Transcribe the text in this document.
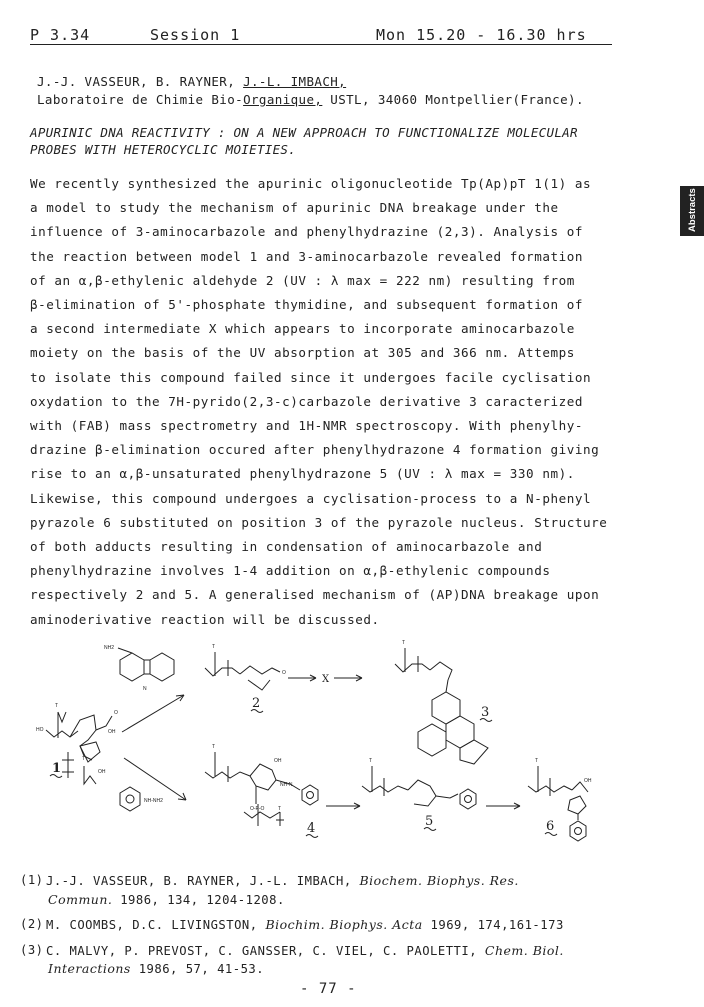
P 3.34	Session 1	Mon 15.20 - 16.30 hrs
Abstracts
J.-J. VASSEUR, B. RAYNER, J.-L. IMBACH,
Laboratoire de Chimie Bio-Organique, USTL, 34060 Montpellier(France).
APURINIC DNA REACTIVITY : ON A NEW APPROACH TO FUNCTIONALIZE MOLECULAR
PROBES WITH HETEROCYCLIC MOIETIES.
We recently synthesized the apurinic oligonucleotide Tp(Ap)pT 1(1) as
a model to study the mechanism of apurinic DNA breakage under the
influence of 3-aminocarbazole and phenylhydrazine (2,3). Analysis of
the reaction between model 1 and 3-aminocarbazole revealed formation
of an α,β-ethylenic aldehyde 2 (UV : λ max = 222 nm) resulting from
β-elimination of 5'-phosphate thymidine, and subsequent formation of
a second intermediate X which appears to incorporate aminocarbazole
moiety on the basis of the UV absorption at 305 and 366 nm. Attemps
to isolate this compound failed since it undergoes facile cyclisation
oxydation to the 7H-pyrido(2,3-c)carbazole derivative 3 caracterized
with (FAB) mass spectrometry and 1H-NMR spectroscopy. With phenylhy-
drazine β-elimination occured after phenylhydrazone 4 formation giving
rise to an α,β-unsaturated phenylhydrazone 5 (UV : λ max = 330 nm).
Likewise, this compound undergoes a cyclisation-process to a N-phenyl
pyrazole 6 substituted on position 3 of the pyrazole nucleus. Structure
of both adducts resulting in condensation of aminocarbazole and
phenylhydrazine involves 1-4 addition on α,β-ethylenic compounds
respectively 2 and 5. A generalised mechanism of (AP)DNA breakage upon
aminoderivative reaction will be discussed.
NH2
N
HO
T
OH
O
T
OH
1
T
O
2
X
T
3
NH-NH2
T
OH
NH-N
O-P-O	T
4
T
5
T
OH
6
(1) J.-J. VASSEUR, B. RAYNER, J.-L. IMBACH, Biochem. Biophys. Res.
Commun. 1986, 134, 1204-1208.
(2) M. COOMBS, D.C. LIVINGSTON, Biochim. Biophys. Acta 1969, 174,161-173
(3) C. MALVY, P. PREVOST, C. GANSSER, C. VIEL, C. PAOLETTI, Chem. Biol.
Interactions 1986, 57, 41-53.
- 77 -
